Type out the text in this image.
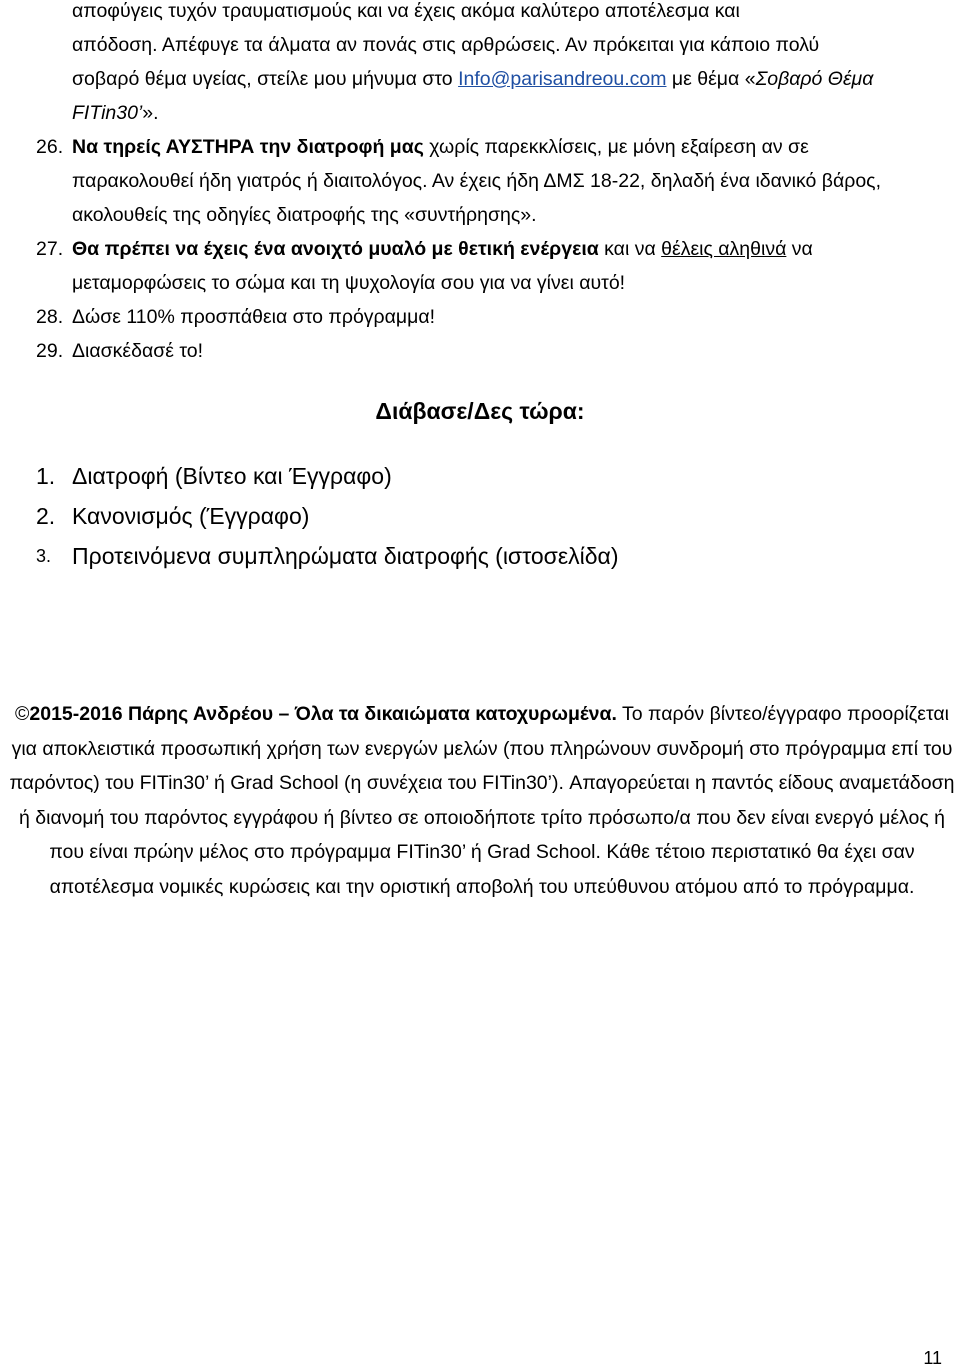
αποφύγεις τυχόν τραυματισμούς και να έχεις ακόμα καλύτερο αποτέλεσμα και
απόδοση. Απέφυγε τα άλματα αν πονάς στις αρθρώσεις. Αν πρόκειται για κάποιο πολύ
σοβαρό θέμα υγείας, στείλε μου μήνυμα στο Info@parisandreou.com με θέμα «Σοβαρό Θέμα FITin30’».

26. Να τηρείς ΑΥΣΤΗΡΑ την διατροφή μας χωρίς παρεκκλίσεις, με μόνη εξαίρεση αν σε παρακολουθεί ήδη γιατρός ή διαιτολόγος. Αν έχεις ήδη ΔΜΣ 18-22, δηλαδή ένα ιδανικό βάρος, ακολουθείς της οδηγίες διατροφής της «συντήρησης».
27. Θα πρέπει να έχεις ένα ανοιχτό μυαλό με θετική ενέργεια και να θέλεις αληθινά να μεταμορφώσεις το σώμα και τη ψυχολογία σου για να γίνει αυτό!
28. Δώσε 110% προσπάθεια στο πρόγραμμα!
29. Διασκέδασέ το!
Διάβασε/Δες τώρα:
1. Διατροφή (Βίντεο και Έγγραφο)
2. Κανονισμός (Έγγραφο)
3. Προτεινόμενα συμπληρώματα διατροφής (ιστοσελίδα)
©2015-2016 Πάρης Ανδρέου – Όλα τα δικαιώματα κατοχυρωμένα. Το παρόν βίντεο/έγγραφο προορίζεται για αποκλειστικά προσωπική χρήση των ενεργών μελών (που πληρώνουν συνδρομή στο πρόγραμμα επί του παρόντος) του FITin30’ ή Grad School (η συνέχεια του FITin30’). Απαγορεύεται η παντός είδους αναμετάδοση ή διανομή του παρόντος εγγράφου ή βίντεο σε οποιοδήποτε τρίτο πρόσωπο/α που δεν είναι ενεργό μέλος ή που είναι πρώην μέλος στο πρόγραμμα FITin30’ ή Grad School. Κάθε τέτοιο περιστατικό θα έχει σαν αποτέλεσμα νομικές κυρώσεις και την οριστική αποβολή του υπεύθυνου ατόμου από το πρόγραμμα.
11
